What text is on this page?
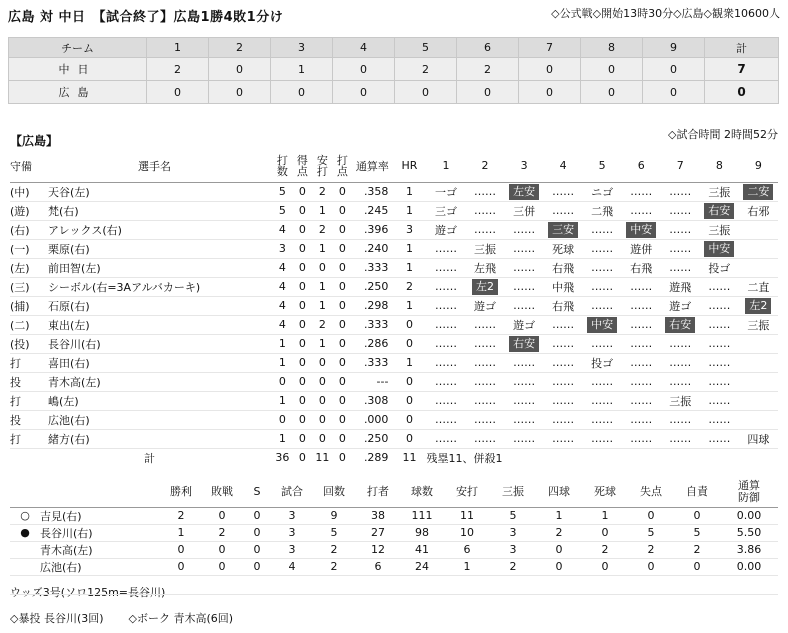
広島 対 中日　【試合終了】広島1勝4敗1分け	◇公式戦◇開始13時30分◇広島◇観衆10600人
チーム	1	2	3	4	5	6	7	8	9	計
中日	2	0	1	0	2	2	0	0	0	7
広島	0	0	0	0	0	0	0	0	0	0
【広島】	◇試合時間 2時間52分
守備	選手名	打数	得点	安打	打点	通算率	HR	1	2	3	4	5	6	7	8	9
(中)	天谷(左)	5	0	2	0	.358	1	一ゴ	……	左安	……	ニゴ	……	……	三振	二安
(遊)	梵(右)	5	0	1	0	.245	1	三ゴ	……	三併	……	二飛	……	……	右安	右邪
(右)	アレックス(右)	4	0	2	0	.396	3	遊ゴ	……	……	三安	……	中安	……	三振	
(一)	栗原(右)	3	0	1	0	.240	1	……	三振	……	死球	……	遊併	……	中安	
(左)	前田智(左)	4	0	0	0	.333	1	……	左飛	……	右飛	……	右飛	……	投ゴ	
(三)	シーボル(右=3Aアルバカーキ)	4	0	1	0	.250	2	……	左2	……	中飛	……	……	遊飛	……	二直
(捕)	石原(右)	4	0	1	0	.298	1	……	遊ゴ	……	右飛	……	……	遊ゴ	……	左2
(二)	東出(左)	4	0	2	0	.333	0	……	……	遊ゴ	……	中安	……	右安	……	三振
(投)	長谷川(右)	1	0	1	0	.286	0	……	……	右安	……	……	……	……	……	
打	喜田(右)	1	0	0	0	.333	1	……	……	……	……	投ゴ	……	……	……	
投	青木高(左)	0	0	0	0	---	0	……	……	……	……	……	……	……	……	
打	嶋(左)	1	0	0	0	.308	0	……	……	……	……	……	……	三振	……	
投	広池(右)	0	0	0	0	.000	0	……	……	……	……	……	……	……	……	
打	緒方(右)	1	0	0	0	.250	0	……	……	……	……	……	……	……	……	四球
	計	36	0	11	0	.289	11	残塁11、併殺1								
		勝利	敗戦	S	試合	回数	打者	球数	安打	三振	四球	死球	失点	自責	通算防御
○	吉見(右)	2	0	0	3	9	38	111	11	5	1	1	0	0	0.00
●	長谷川(右)	1	2	0	3	5	27	98	10	3	2	0	5	5	5.50
	青木高(左)	0	0	0	3	2	12	41	6	3	0	2	2	2	3.86
	広池(右)	0	0	0	4	2	6	24	1	2	0	0	0	0	0.00
ウッズ3号(ソロ125m=長谷川)
◇暴投 長谷川(3回) ◇ボーク 青木高(6回)
